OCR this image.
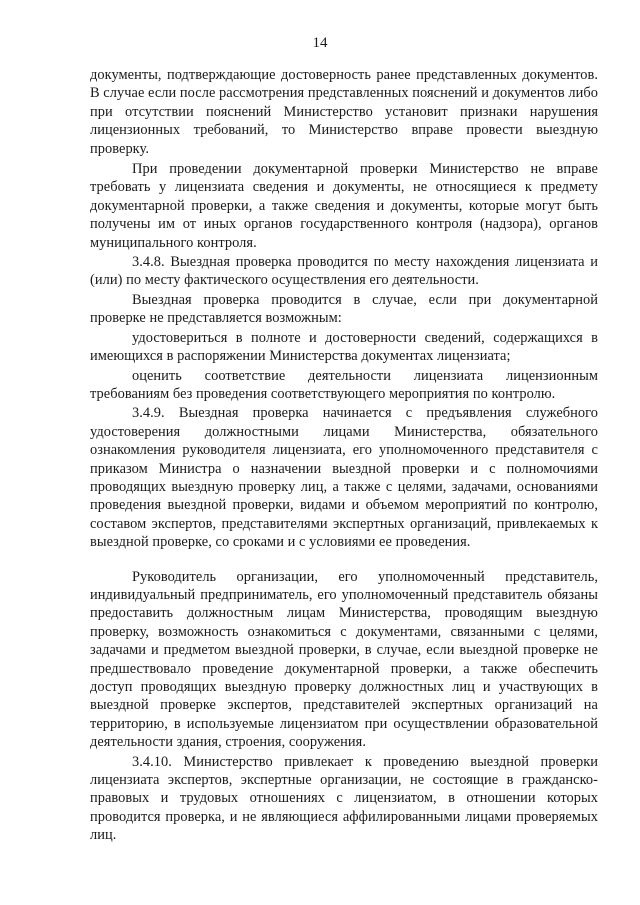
14

документы, подтверждающие достоверность ранее представленных документов. В случае если после рассмотрения представленных пояснений и документов либо при отсутствии пояснений Министерство установит признаки нарушения лицензионных требований, то Министерство вправе провести выездную проверку.

При проведении документарной проверки Министерство не вправе требовать у лицензиата сведения и документы, не относящиеся к предмету документарной проверки, а также сведения и документы, которые могут быть получены им от иных органов государственного контроля (надзора), органов муниципального контроля.

3.4.8. Выездная проверка проводится по месту нахождения лицензиата и (или) по месту фактического осуществления его деятельности.

Выездная проверка проводится в случае, если при документарной проверке не представляется возможным:

удостовериться в полноте и достоверности сведений, содержащихся в имеющихся в распоряжении Министерства документах лицензиата;

оценить соответствие деятельности лицензиата лицензионным требованиям без проведения соответствующего мероприятия по контролю.

3.4.9. Выездная проверка начинается с предъявления служебного удостоверения должностными лицами Министерства, обязательного ознакомления руководителя лицензиата, его уполномоченного представителя с приказом Министра о назначении выездной проверки и с полномочиями проводящих выездную проверку лиц, а также с целями, задачами, основаниями проведения выездной проверки, видами и объемом мероприятий по контролю, составом экспертов, представителями экспертных организаций, привлекаемых к выездной проверке, со сроками и с условиями ее проведения.

Руководитель организации, его уполномоченный представитель, индивидуальный предприниматель, его уполномоченный представитель обязаны предоставить должностным лицам Министерства, проводящим выездную проверку, возможность ознакомиться с документами, связанными с целями, задачами и предметом выездной проверки, в случае, если выездной проверке не предшествовало проведение документарной проверки, а также обеспечить доступ проводящих выездную проверку должностных лиц и участвующих в выездной проверке экспертов, представителей экспертных организаций на территорию, в используемые лицензиатом при осуществлении образовательной деятельности здания, строения, сооружения.

3.4.10. Министерство привлекает к проведению выездной проверки лицензиата экспертов, экспертные организации, не состоящие в гражданско-правовых и трудовых отношениях с лицензиатом, в отношении которых проводится проверка, и не являющиеся аффилированными лицами проверяемых лиц.
